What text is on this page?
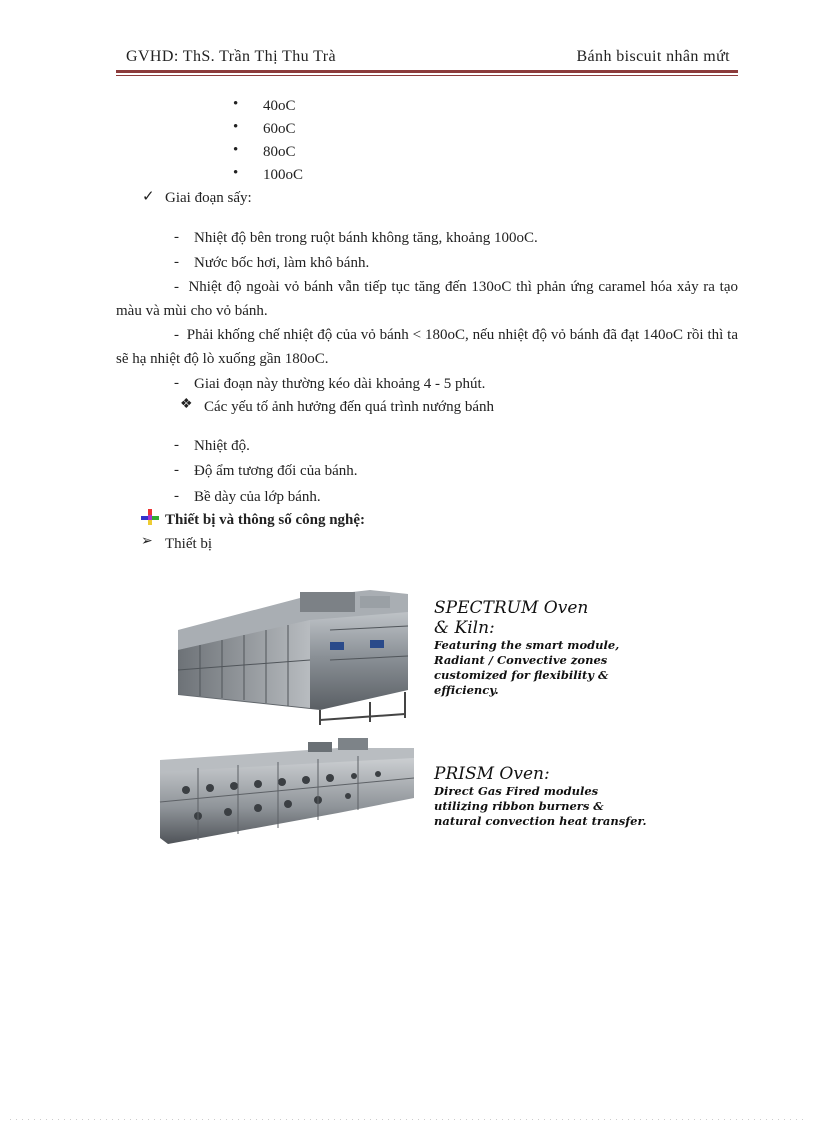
GVHD: ThS. Trần Thị Thu Trà	Bánh biscuit nhân mứt
• 40oC
• 60oC
• 80oC
• 100oC
✓ Giai đoạn sấy:
- Nhiệt độ bên trong ruột bánh không tăng, khoảng 100oC.
- Nước bốc hơi, làm khô bánh.
-  Nhiệt độ ngoài vỏ bánh vẫn tiếp tục tăng đến 130oC thì phản ứng caramel hóa xảy ra tạo màu và mùi cho vỏ bánh.
-  Phải khống chế nhiệt độ của vỏ bánh < 180oC, nếu nhiệt độ vỏ bánh đã đạt 140oC rồi thì ta sẽ hạ nhiệt độ lò xuống gần 180oC.
- Giai đoạn này thường kéo dài khoảng 4 - 5 phút.
❖ Các yếu tố ảnh hưởng đến quá trình nướng bánh
- Nhiệt độ.
- Độ ẩm tương đối của bánh.
- Bề dày của lớp bánh.
Thiết bị và thông số công nghệ:
➢ Thiết bị
SPECTRUM Oven
& Kiln:
Featuring the smart module,
Radiant / Convective zones
customized for flexibility &
efficiency.
PRISM Oven:
Direct Gas Fired modules
utilizing ribbon burners &
natural convection heat transfer.
